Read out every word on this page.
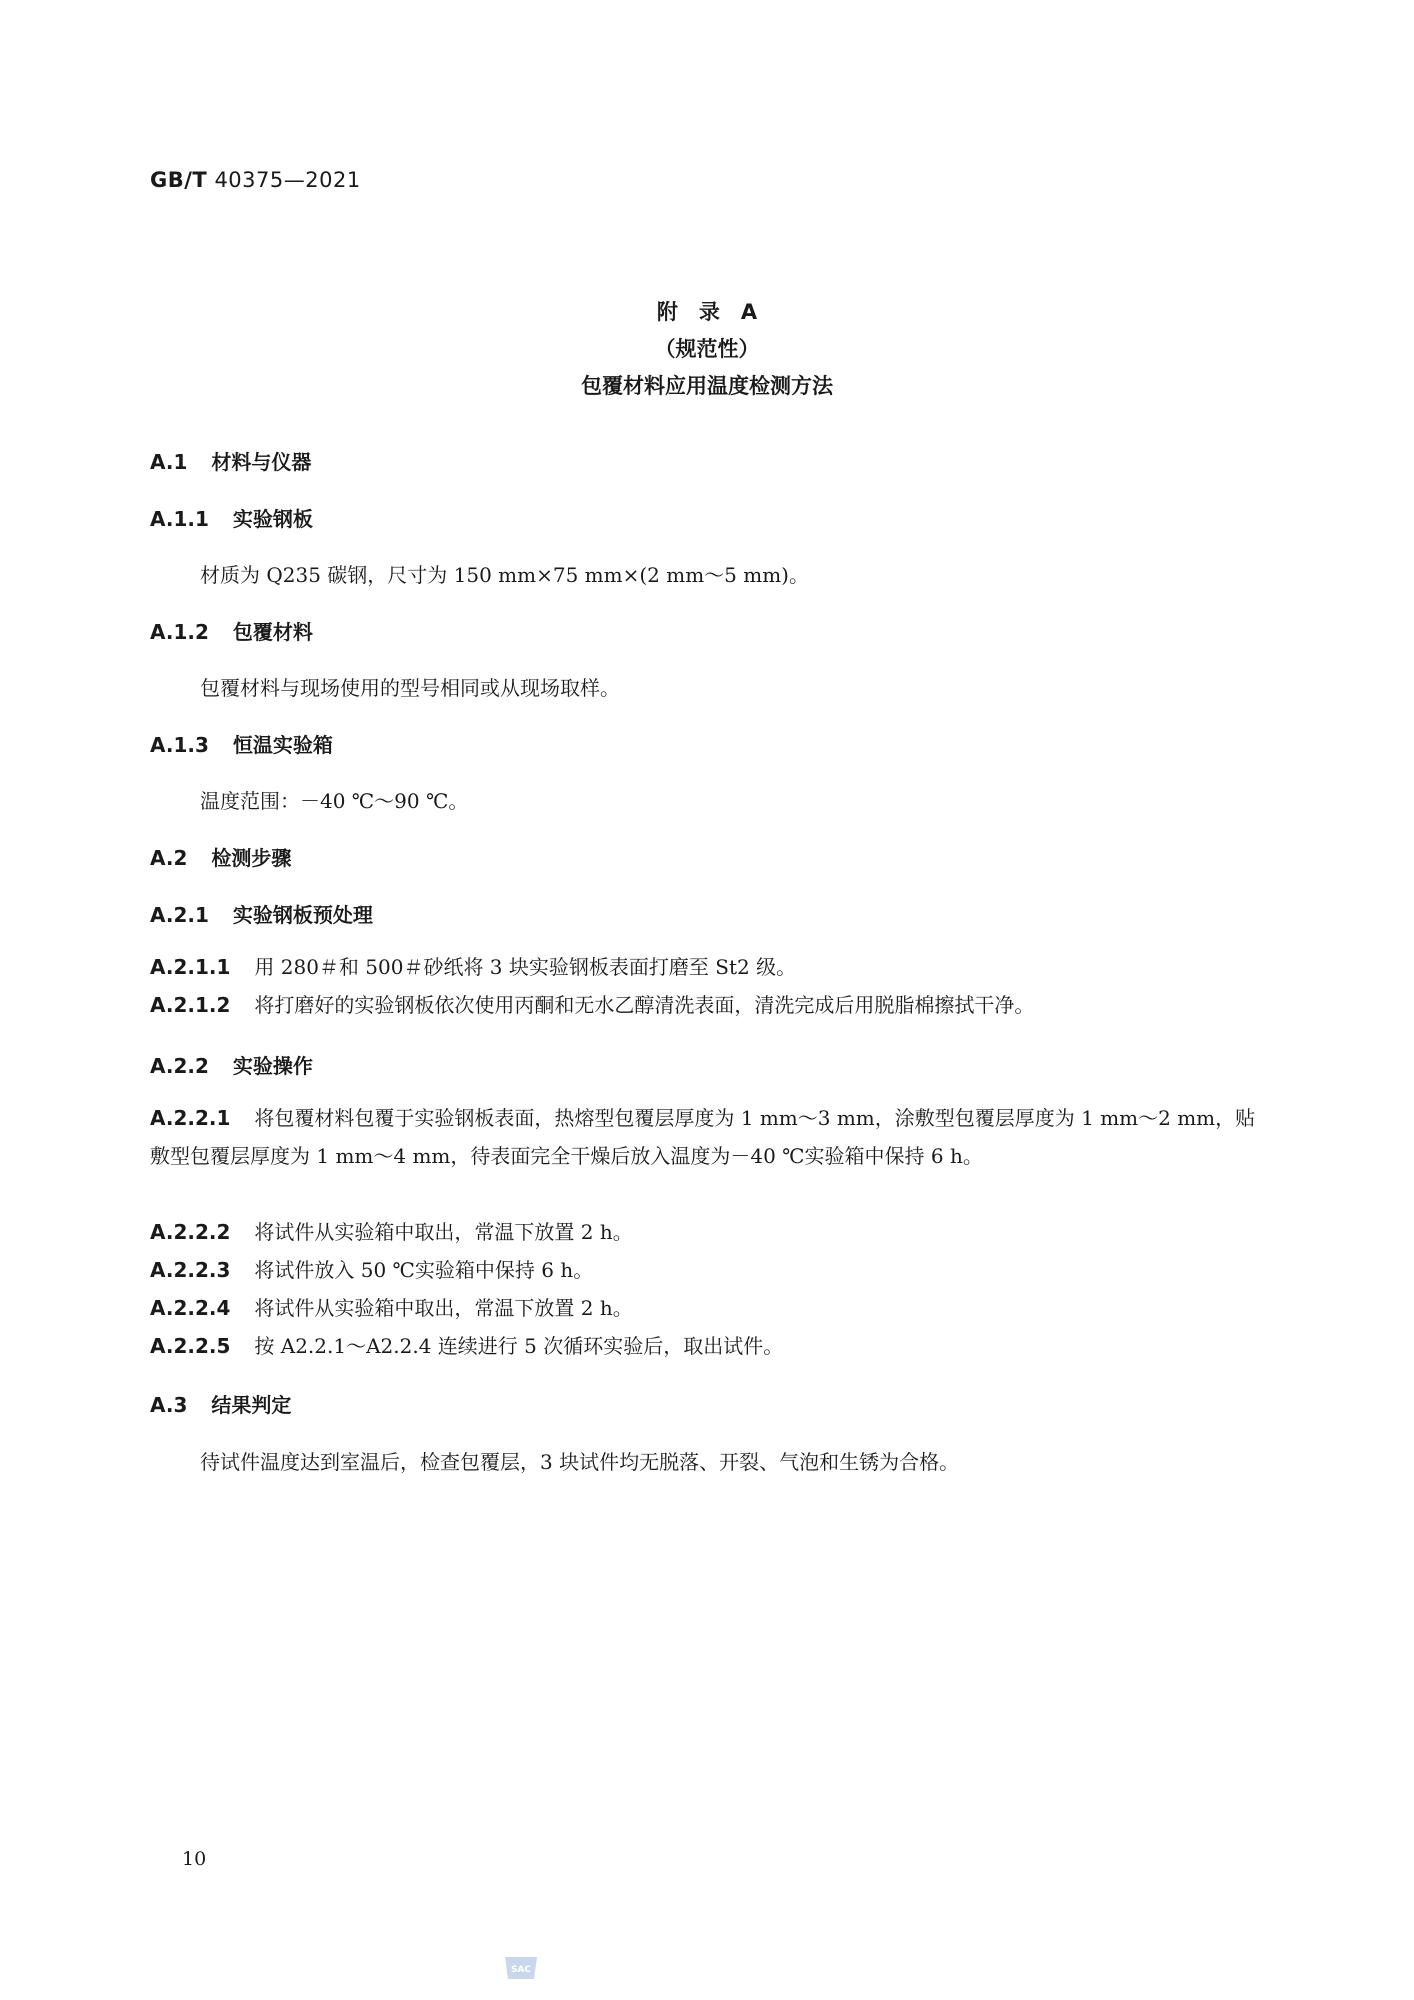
GB/T 40375—2021
附　录　A
（规范性）
包覆材料应用温度检测方法
A.1 材料与仪器
A.1.1 实验钢板
材质为 Q235 碳钢，尺寸为 150 mm×75 mm×(2 mm～5 mm)。
A.1.2 包覆材料
包覆材料与现场使用的型号相同或从现场取样。
A.1.3 恒温实验箱
温度范围：－40 ℃～90 ℃。
A.2 检测步骤
A.2.1 实验钢板预处理
A.2.1.1 用 280＃和 500＃砂纸将 3 块实验钢板表面打磨至 St2 级。
A.2.1.2 将打磨好的实验钢板依次使用丙酮和无水乙醇清洗表面，清洗完成后用脱脂棉擦拭干净。
A.2.2 实验操作
A.2.2.1 将包覆材料包覆于实验钢板表面，热熔型包覆层厚度为 1 mm～3 mm，涂敷型包覆层厚度为 1 mm～2 mm，贴敷型包覆层厚度为 1 mm～4 mm，待表面完全干燥后放入温度为－40 ℃实验箱中保持 6 h。
A.2.2.2 将试件从实验箱中取出，常温下放置 2 h。
A.2.2.3 将试件放入 50 ℃实验箱中保持 6 h。
A.2.2.4 将试件从实验箱中取出，常温下放置 2 h。
A.2.2.5 按 A2.2.1～A2.2.4 连续进行 5 次循环实验后，取出试件。
A.3 结果判定
待试件温度达到室温后，检查包覆层，3 块试件均无脱落、开裂、气泡和生锈为合格。
10
SAC
